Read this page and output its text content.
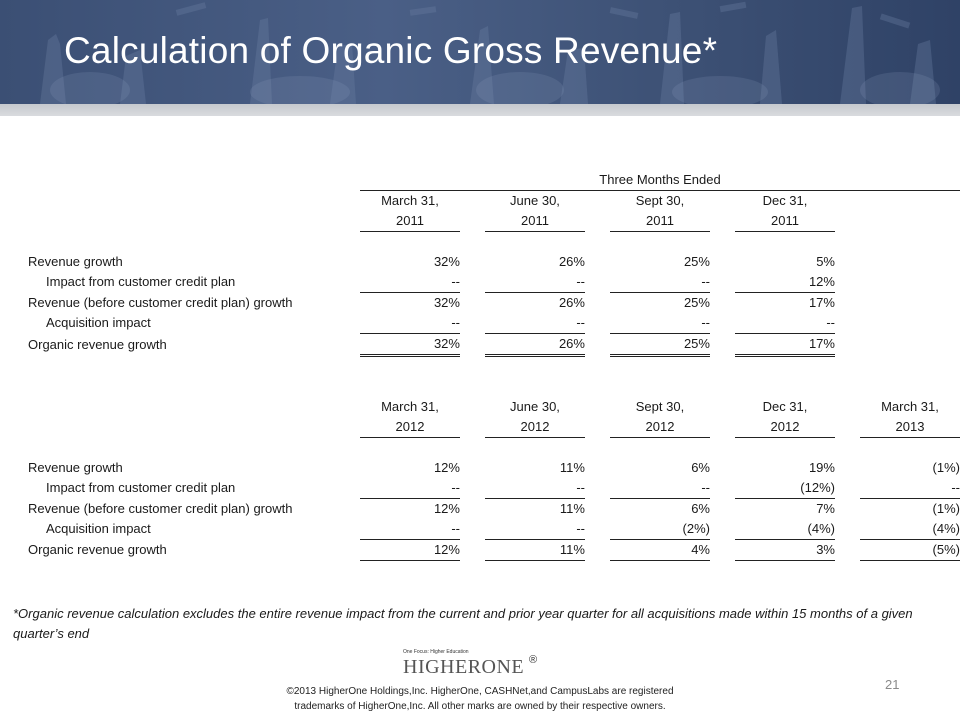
Calculation of Organic Gross Revenue*
		Three Months Ended								
		March 31,		June 30,		Sept 30,		Dec 31,		
		2011		2011		2011		2011		

Revenue growth		32%		26%		25%		5%		
Impact from customer credit plan		--		--		--		12%		
Revenue (before customer credit plan) growth		32%		26%		25%		17%		
Acquisition impact		--		--		--		--		
Organic revenue growth		32%		26%		25%		17%		

		March 31,		June 30,		Sept 30,		Dec 31,		March 31,
		2012		2012		2012		2012		2013

Revenue growth		12%		11%		6%		19%		(1%)
Impact from customer credit plan		--		--		--		(12%)		--
Revenue (before customer credit plan) growth		12%		11%		6%		7%		(1%)
Acquisition impact		--		--		(2%)		(4%)		(4%)
Organic revenue growth		12%		11%		4%		3%		(5%)
*Organic revenue calculation excludes the entire revenue impact from the current and prior year quarter for all acquisitions made within 15 months of a given quarter’s end
One Focus: Higher Education
HIGHERONE ®
21
©2013 HigherOne Holdings,Inc. HigherOne, CASHNet,and CampusLabs are registered
trademarks of HigherOne,Inc. All other marks are owned by their respective owners.
